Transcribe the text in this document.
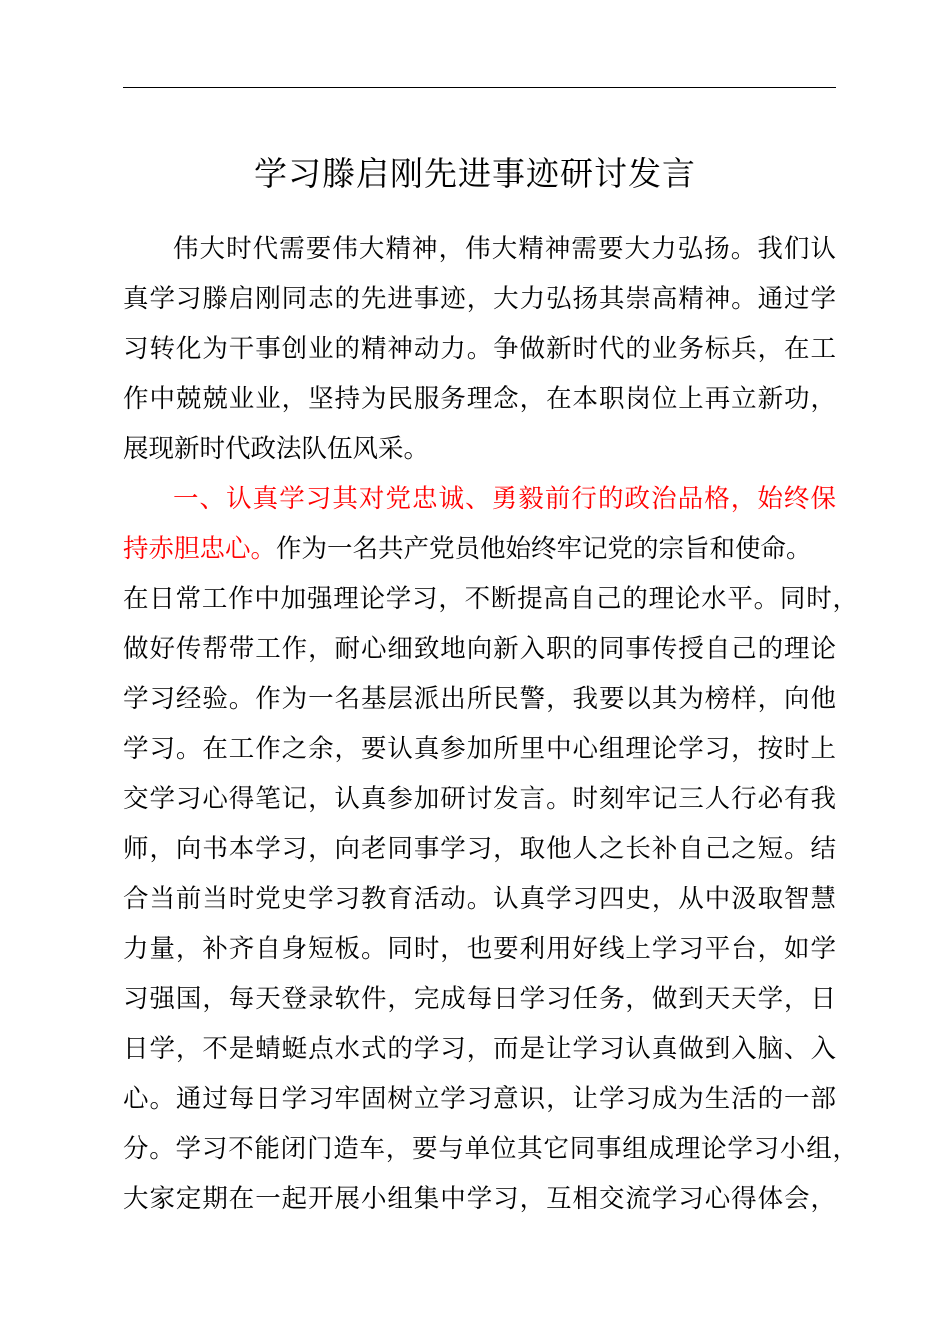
学习滕启刚先进事迹研讨发言
伟大时代需要伟大精神，伟大精神需要大力弘扬。我们认
真学习滕启刚同志的先进事迹，大力弘扬其崇高精神。通过学
习转化为干事创业的精神动力。争做新时代的业务标兵，在工
作中兢兢业业，坚持为民服务理念，在本职岗位上再立新功，
展现新时代政法队伍风采。
一、认真学习其对党忠诚、勇毅前行的政治品格，始终保
持赤胆忠心。作为一名共产党员他始终牢记党的宗旨和使命。
在日常工作中加强理论学习，不断提高自己的理论水平。同时，
做好传帮带工作，耐心细致地向新入职的同事传授自己的理论
学习经验。作为一名基层派出所民警，我要以其为榜样，向他
学习。在工作之余，要认真参加所里中心组理论学习，按时上
交学习心得笔记，认真参加研讨发言。时刻牢记三人行必有我
师，向书本学习，向老同事学习，取他人之长补自己之短。结
合当前当时党史学习教育活动。认真学习四史，从中汲取智慧
力量，补齐自身短板。同时，也要利用好线上学习平台，如学
习强国，每天登录软件，完成每日学习任务，做到天天学，日
日学，不是蜻蜓点水式的学习，而是让学习认真做到入脑、入
心。通过每日学习牢固树立学习意识，让学习成为生活的一部
分。学习不能闭门造车，要与单位其它同事组成理论学习小组，
大家定期在一起开展小组集中学习，互相交流学习心得体会，
